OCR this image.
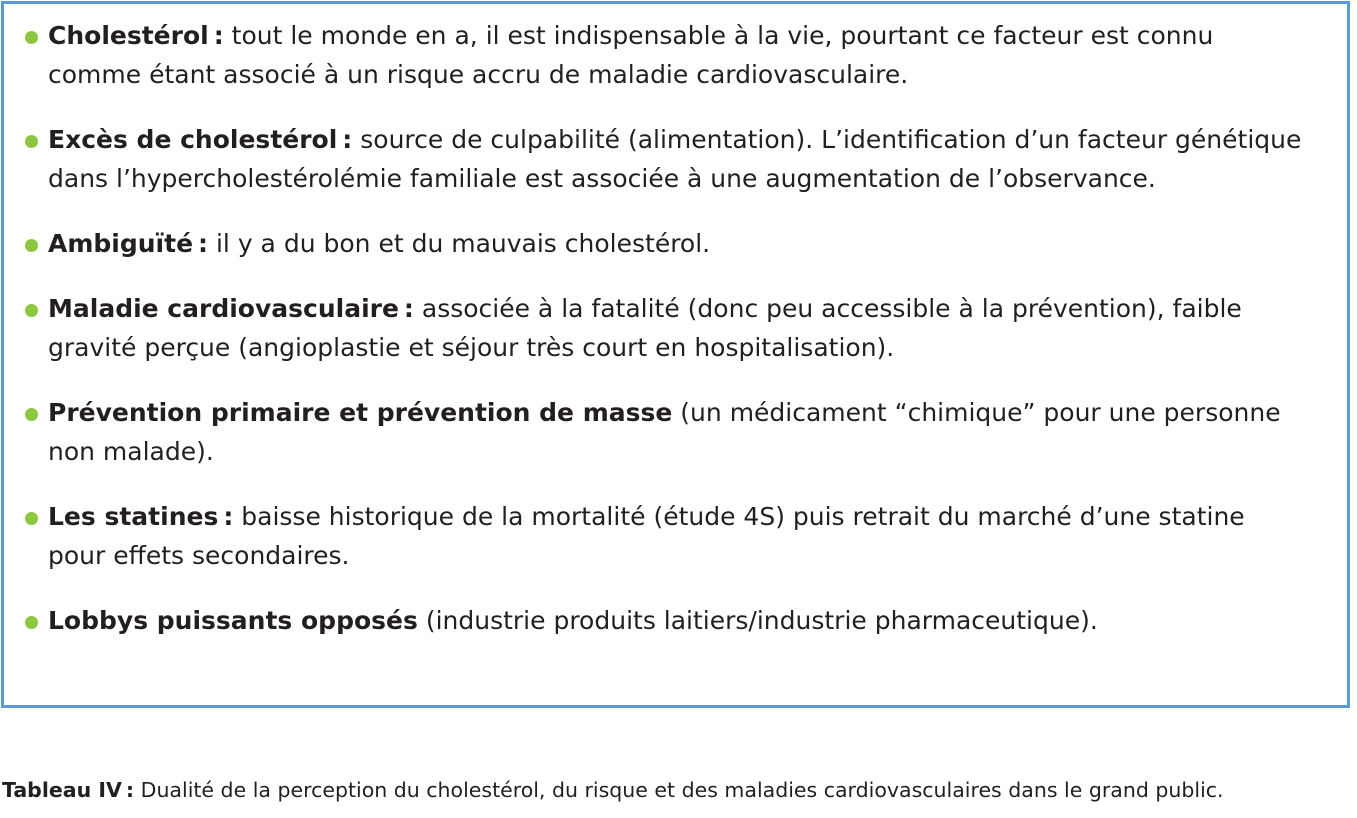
Cholestérol : tout le monde en a, il est indispensable à la vie, pourtant ce facteur est connu comme étant associé à un risque accru de maladie cardiovasculaire.
Excès de cholestérol : source de culpabilité (alimentation). L’identification d’un facteur génétique dans l’hypercholestérolémie familiale est associée à une augmentation de l’observance.
Ambiguïté : il y a du bon et du mauvais cholestérol.
Maladie cardiovasculaire : associée à la fatalité (donc peu accessible à la prévention), faible gravité perçue (angioplastie et séjour très court en hospitalisation).
Prévention primaire et prévention de masse (un médicament “chimique” pour une personne non malade).
Les statines : baisse historique de la mortalité (étude 4S) puis retrait du marché d’une statine pour effets secondaires.
Lobbys puissants opposés (industrie produits laitiers/industrie pharmaceutique).

Tableau IV : Dualité de la perception du cholestérol, du risque et des maladies cardiovasculaires dans le grand public.
